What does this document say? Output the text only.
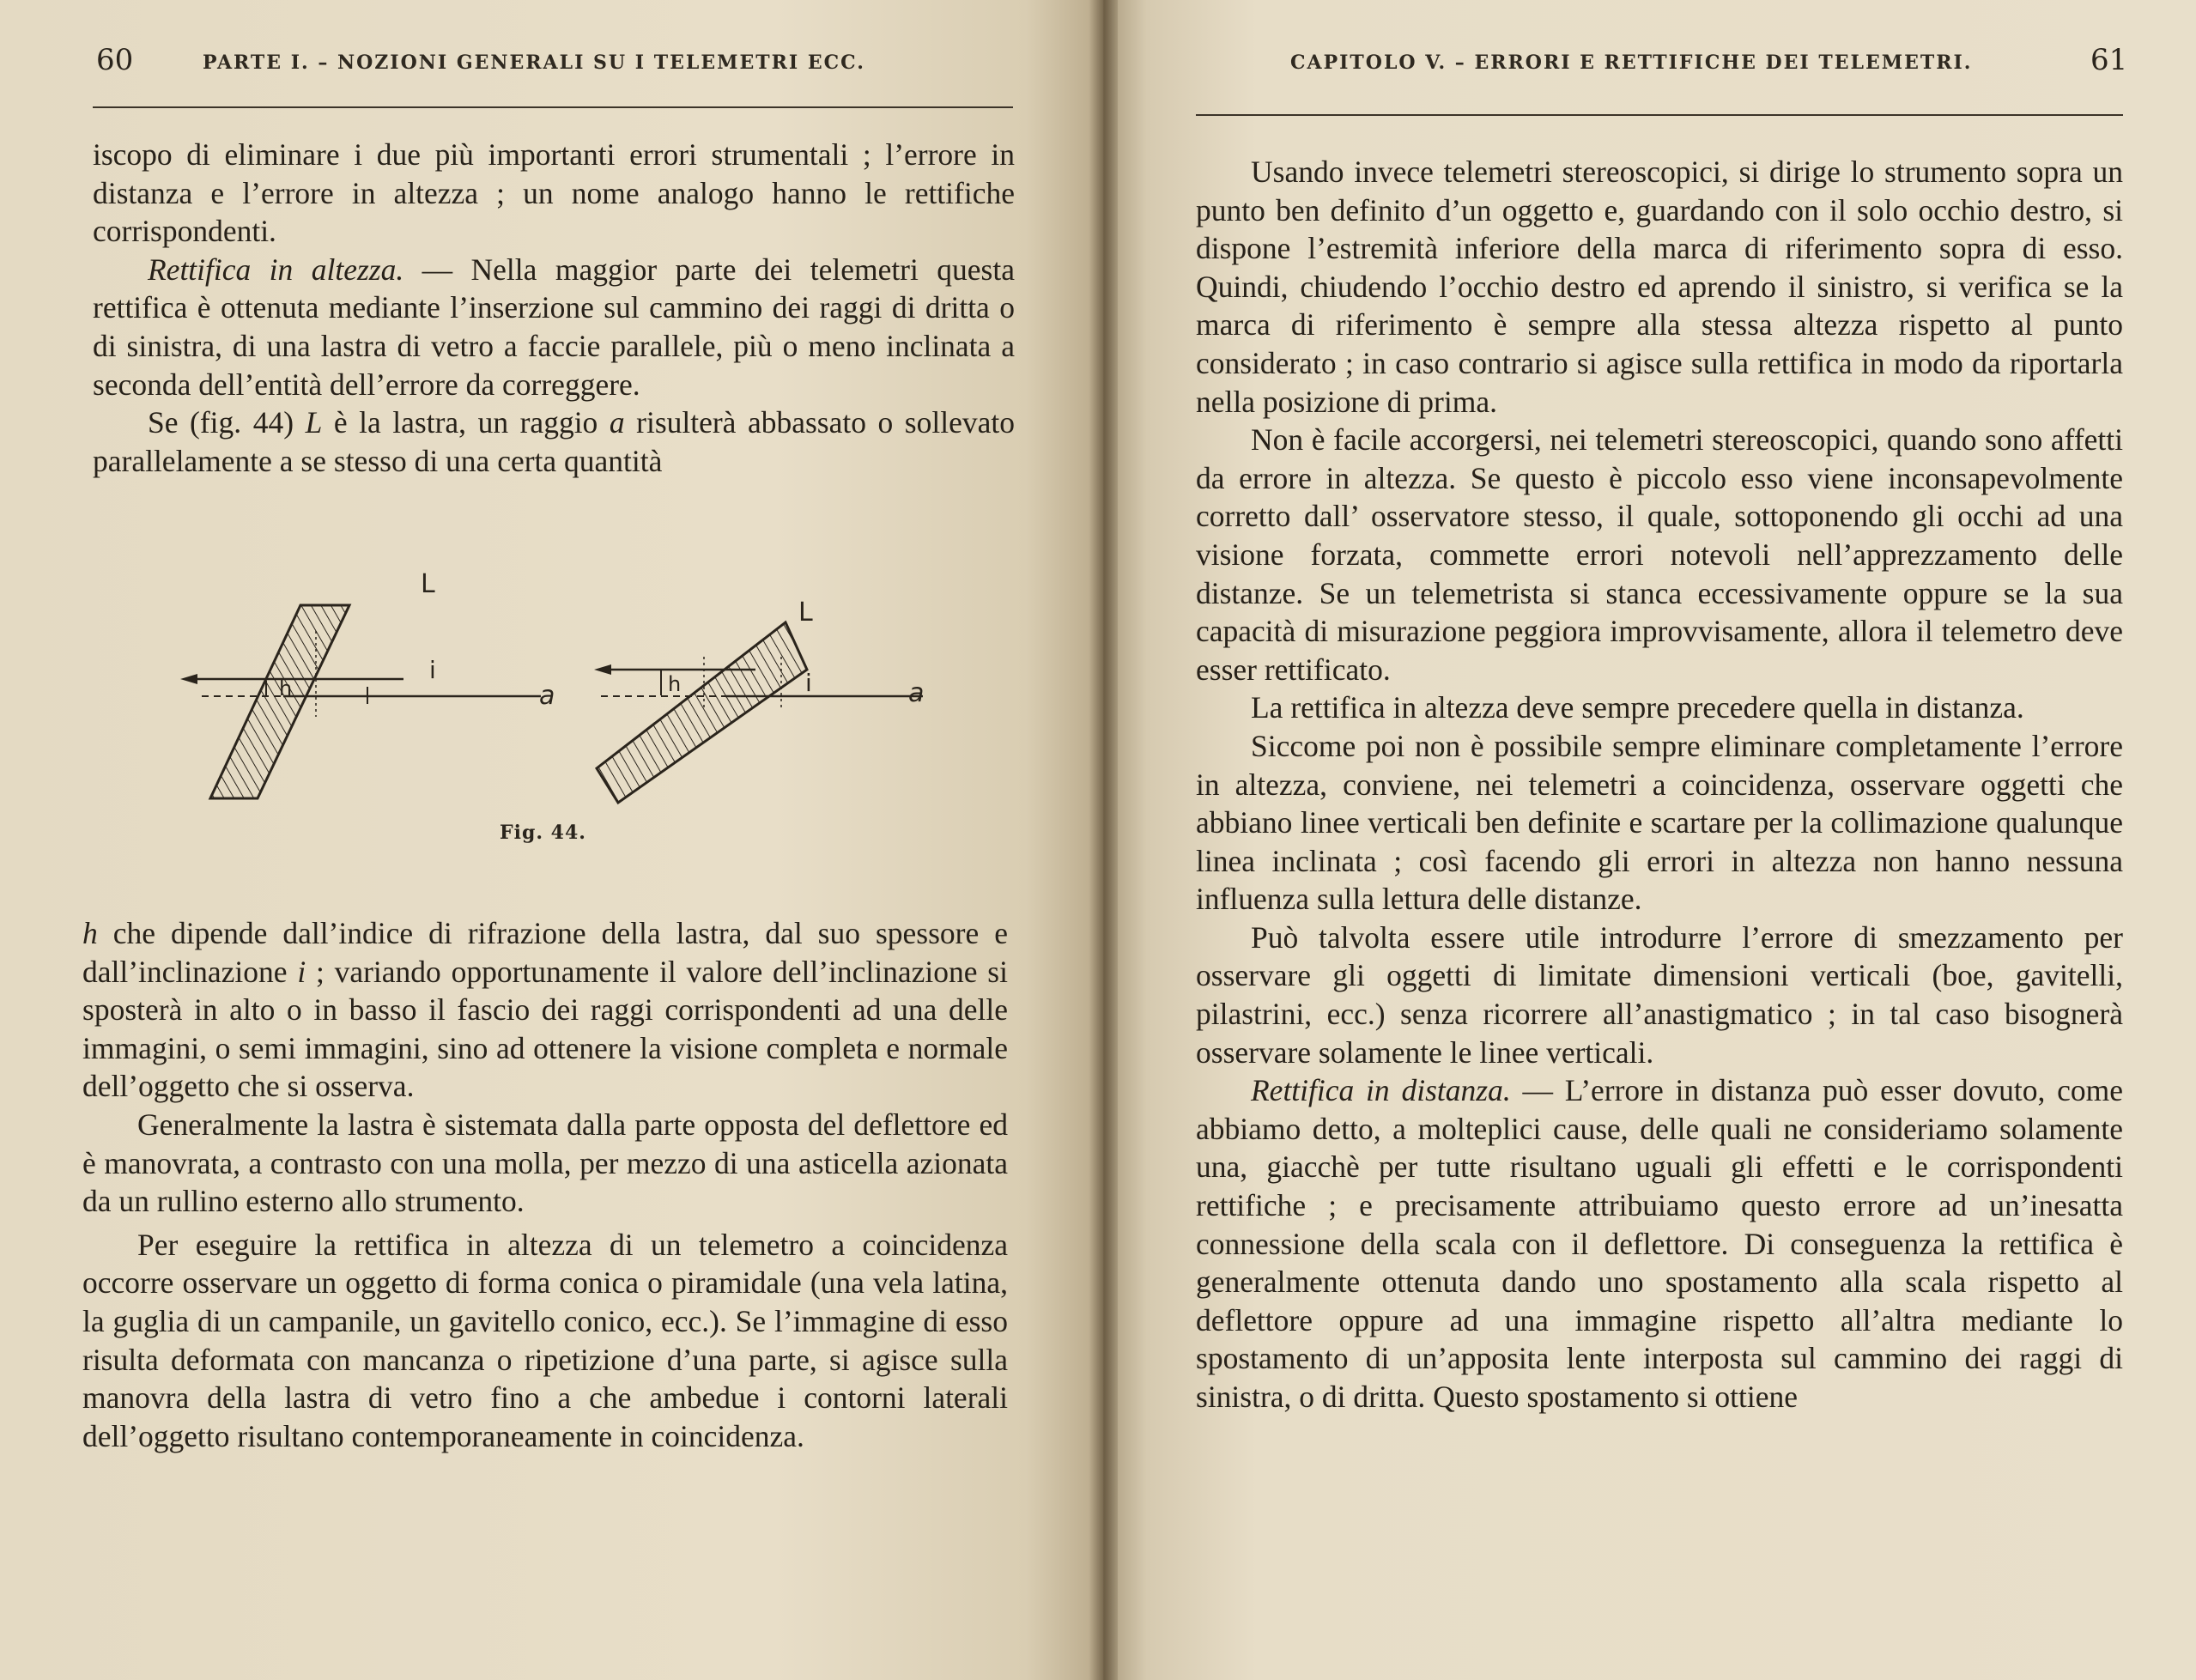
60	PARTE I. – NOZIONI GENERALI SU I TELEMETRI ECC.

iscopo di eliminare i due più importanti errori strumentali ; l’errore in distanza e l’errore in altezza ; un nome analogo hanno le rettifiche corrispondenti.

Rettifica in altezza. — Nella maggior parte dei telemetri questa rettifica è ottenuta mediante l’inserzione sul cammino dei raggi di dritta o di sinistra, di una lastra di vetro a faccie parallele, più o meno inclinata a seconda dell’entità dell’errore da correggere.

Se (fig. 44) L è la lastra, un raggio a risulterà abbassato o sollevato parallelamente a se stesso di una certa quantità

L
i
h	a
L
i
h	a
Fig. 44.

h che dipende dall’indice di rifrazione della lastra, dal suo spessore e dall’inclinazione i ; variando opportunamente il valore dell’inclinazione si sposterà in alto o in basso il fascio dei raggi corrispondenti ad una delle immagini, o semi immagini, sino ad ottenere la visione completa e normale dell’oggetto che si osserva.

Generalmente la lastra è sistemata dalla parte opposta del deflettore ed è manovrata, a contrasto con una molla, per mezzo di una asticella azionata da un rullino esterno allo strumento.

Per eseguire la rettifica in altezza di un telemetro a coincidenza occorre osservare un oggetto di forma conica o piramidale (una vela latina, la guglia di un campanile, un gavitello conico, ecc.). Se l’immagine di esso risulta deformata con mancanza o ripetizione d’una parte, si agisce sulla manovra della lastra di vetro fino a che ambedue i contorni laterali dell’oggetto risultano contemporaneamente in coincidenza.

CAPITOLO V. – ERRORI E RETTIFICHE DEI TELEMETRI.	61

Usando invece telemetri stereoscopici, si dirige lo strumento sopra un punto ben definito d’un oggetto e, guardando con il solo occhio destro, si dispone l’estremità inferiore della marca di riferimento sopra di esso. Quindi, chiudendo l’occhio destro ed aprendo il sinistro, si verifica se la marca di riferimento è sempre alla stessa altezza rispetto al punto considerato ; in caso contrario si agisce sulla rettifica in modo da riportarla nella posizione di prima.

Non è facile accorgersi, nei telemetri stereoscopici, quando sono affetti da errore in altezza. Se questo è piccolo esso viene inconsapevolmente corretto dall’ osservatore stesso, il quale, sottoponendo gli occhi ad una visione forzata, commette errori notevoli nell’apprezzamento delle distanze. Se un telemetrista si stanca eccessivamente oppure se la sua capacità di misurazione peggiora improvvisamente, allora il telemetro deve esser rettificato.

La rettifica in altezza deve sempre precedere quella in distanza.

Siccome poi non è possibile sempre eliminare completamente l’errore in altezza, conviene, nei telemetri a coincidenza, osservare oggetti che abbiano linee verticali ben definite e scartare per la collimazione qualunque linea inclinata ; così facendo gli errori in altezza non hanno nessuna influenza sulla lettura delle distanze.

Può talvolta essere utile introdurre l’errore di smezzamento per osservare gli oggetti di limitate dimensioni verticali (boe, gavitelli, pilastrini, ecc.) senza ricorrere all’anastigmatico ; in tal caso bisognerà osservare solamente le linee verticali.

Rettifica in distanza. — L’errore in distanza può esser dovuto, come abbiamo detto, a molteplici cause, delle quali ne consideriamo solamente una, giacchè per tutte risultano uguali gli effetti e le corrispondenti rettifiche ; e precisamente attribuiamo questo errore ad un’inesatta connessione della scala con il deflettore. Di conseguenza la rettifica è generalmente ottenuta dando uno spostamento alla scala rispetto al deflettore oppure ad una immagine rispetto all’altra mediante lo spostamento di un’apposita lente interposta sul cammino dei raggi di sinistra, o di dritta. Questo spostamento si ottiene
